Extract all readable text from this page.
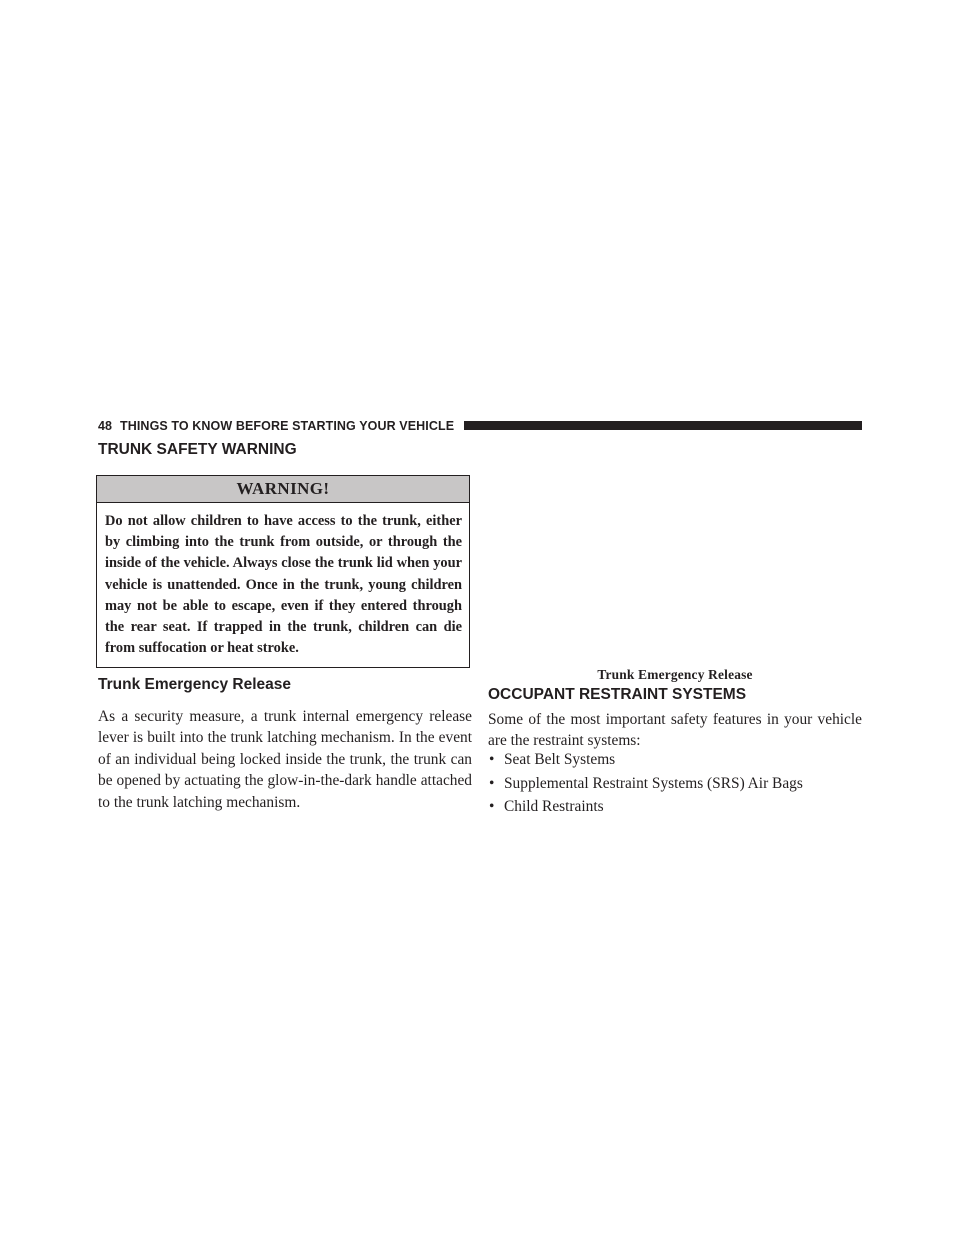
48 THINGS TO KNOW BEFORE STARTING YOUR VEHICLE
TRUNK SAFETY WARNING
WARNING!
Do not allow children to have access to the trunk, either by climbing into the trunk from outside, or through the inside of the vehicle. Always close the trunk lid when your vehicle is unattended. Once in the trunk, young children may not be able to escape, even if they entered through the rear seat. If trapped in the trunk, children can die from suffocation or heat stroke.
Trunk Emergency Release
As a security measure, a trunk internal emergency release lever is built into the trunk latching mechanism. In the event of an individual being locked inside the trunk, the trunk can be opened by actuating the glow-in-the-dark handle attached to the trunk latching mechanism.
Trunk Emergency Release
OCCUPANT RESTRAINT SYSTEMS
Some of the most important safety features in your vehicle are the restraint systems:
• Seat Belt Systems
• Supplemental Restraint Systems (SRS) Air Bags
• Child Restraints
